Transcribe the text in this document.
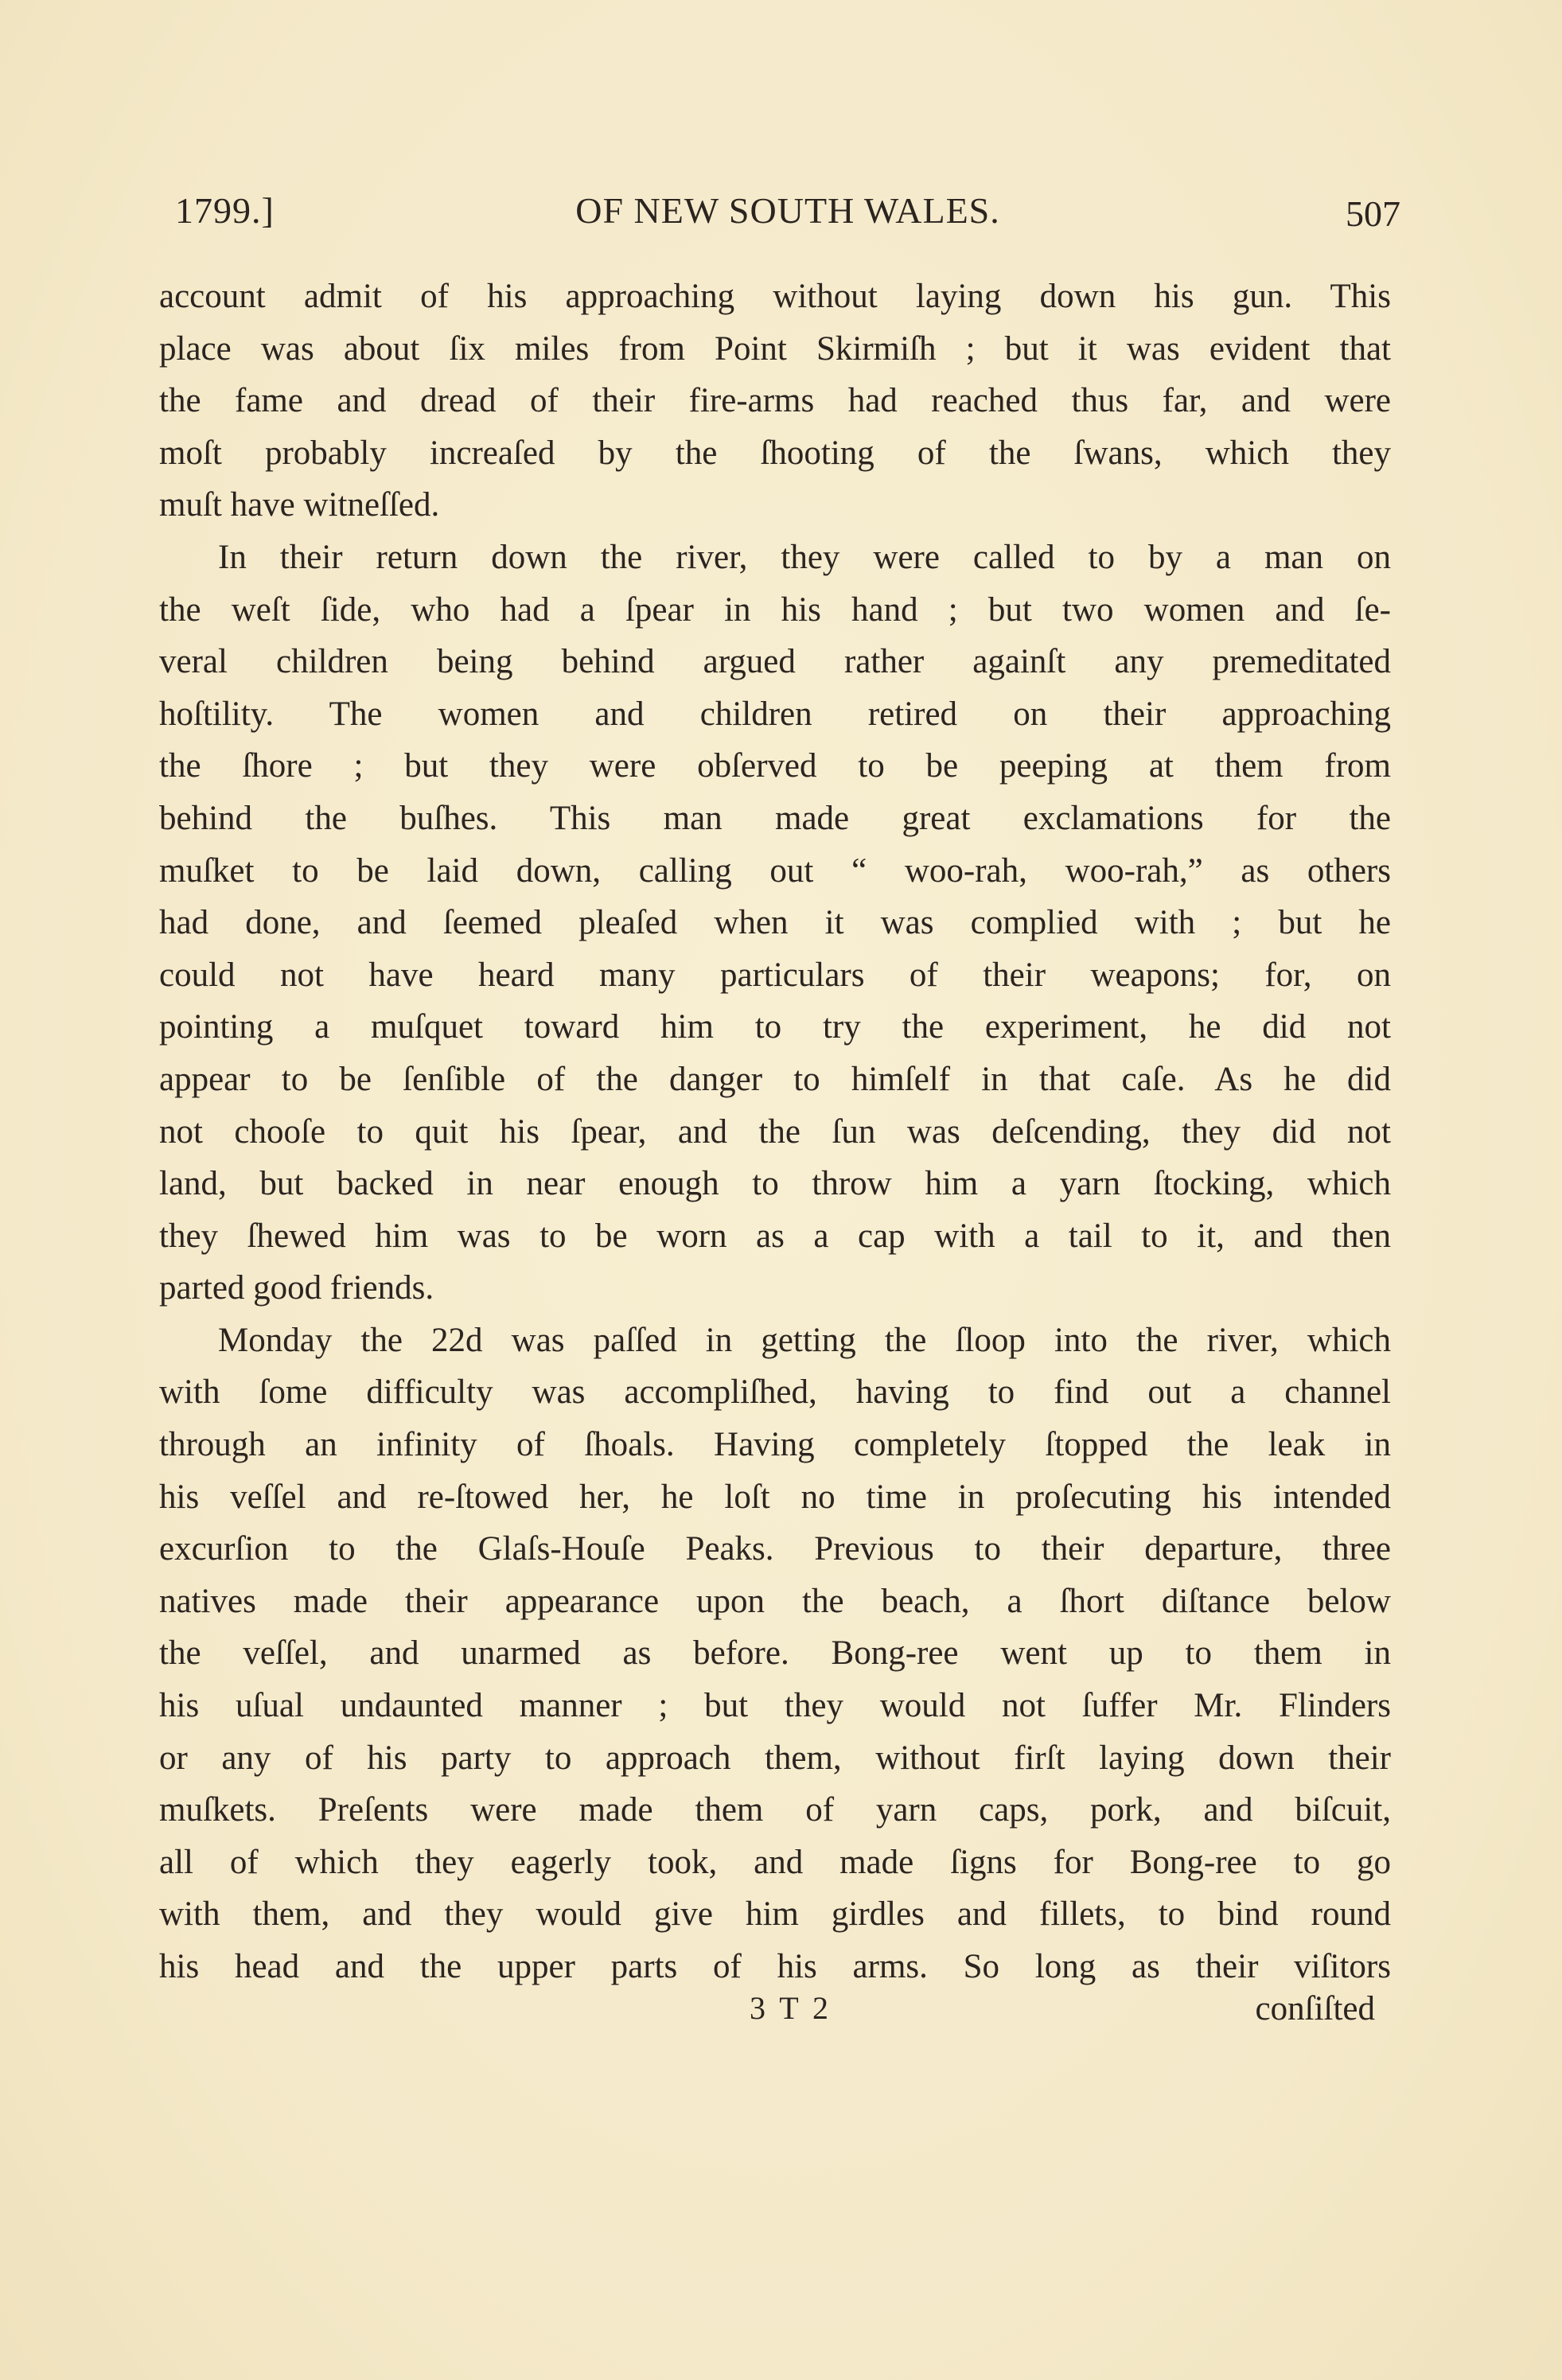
1799.]	OF NEW SOUTH WALES.	507
account admit of his approaching without laying down his gun. This
place was about ſix miles from Point Skirmiſh ; but it was evident that
the fame and dread of their fire-arms had reached thus far, and were
moſt probably increaſed by the ſhooting of the ſwans, which they
muſt have witneſſed.
In their return down the river, they were called to by a man on
the weſt ſide, who had a ſpear in his hand ; but two women and ſe-
veral children being behind argued rather againſt any premeditated
hoſtility. The women and children retired on their approaching
the ſhore ; but they were obſerved to be peeping at them from
behind the buſhes. This man made great exclamations for the
muſket to be laid down, calling out “ woo-rah, woo-rah,” as others
had done, and ſeemed pleaſed when it was complied with ; but he
could not have heard many particulars of their weapons; for, on
pointing a muſquet toward him to try the experiment, he did not
appear to be ſenſible of the danger to himſelf in that caſe. As he did
not chooſe to quit his ſpear, and the ſun was deſcending, they did not
land, but backed in near enough to throw him a yarn ſtocking, which
they ſhewed him was to be worn as a cap with a tail to it, and then
parted good friends.
Monday the 22d was paſſed in getting the ſloop into the river, which
with ſome difficulty was accompliſhed, having to find out a channel
through an infinity of ſhoals. Having completely ſtopped the leak in
his veſſel and re-ſtowed her, he loſt no time in proſecuting his intended
excurſion to the Glaſs-Houſe Peaks. Previous to their departure, three
natives made their appearance upon the beach, a ſhort diſtance below
the veſſel, and unarmed as before. Bong-ree went up to them in
his uſual undaunted manner ; but they would not ſuffer Mr. Flinders
or any of his party to approach them, without firſt laying down their
muſkets. Preſents were made them of yarn caps, pork, and biſcuit,
all of which they eagerly took, and made ſigns for Bong-ree to go
with them, and they would give him girdles and fillets, to bind round
his head and the upper parts of his arms. So long as their viſitors
3 T 2	conſiſted
